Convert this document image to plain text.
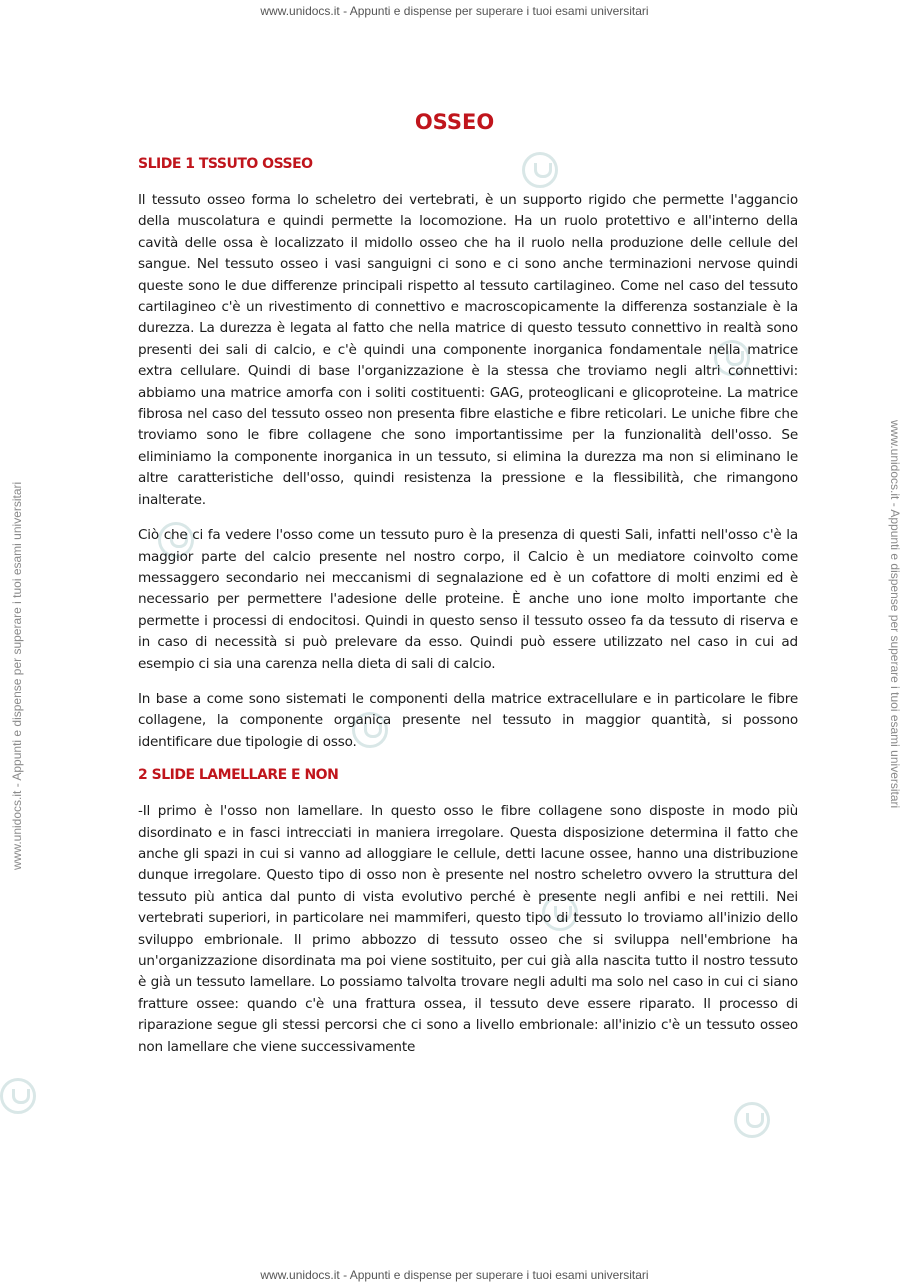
www.unidocs.it - Appunti e dispense per superare i tuoi esami universitari
www.unidocs.it - Appunti e dispense per superare i tuoi esami universitari
www.unidocs.it - Appunti e dispense per superare i tuoi esami universitari	www.unidocs.it - Appunti e dispense per superare i tuoi esami universitari
OSSEO
SLIDE 1 TSSUTO OSSEO

Il tessuto osseo forma lo scheletro dei vertebrati, è un supporto rigido che permette l'aggancio della muscolatura e quindi permette la locomozione. Ha un ruolo protettivo e all'interno della cavità delle ossa è localizzato il midollo osseo che ha il ruolo nella produzione delle cellule del sangue. Nel tessuto osseo i vasi sanguigni ci sono e ci sono anche terminazioni nervose quindi queste sono le due differenze principali rispetto al tessuto cartilagineo. Come nel caso del tessuto cartilagineo c'è un rivestimento di connettivo e macroscopicamente la differenza sostanziale è la durezza. La durezza è legata al fatto che nella matrice di questo tessuto connettivo in realtà sono presenti dei sali di calcio, e c'è quindi una componente inorganica fondamentale nella matrice extra cellulare. Quindi di base l'organizzazione è la stessa che troviamo negli altri connettivi: abbiamo una matrice amorfa con i soliti costituenti: GAG, proteoglicani e glicoproteine. La matrice fibrosa nel caso del tessuto osseo non presenta fibre elastiche e fibre reticolari. Le uniche fibre che troviamo sono le fibre collagene che sono importantissime per la funzionalità dell'osso. Se eliminiamo la componente inorganica in un tessuto, si elimina la durezza ma non si eliminano le altre caratteristiche dell'osso, quindi resistenza la pressione e la flessibilità, che rimangono inalterate.

Ciò che ci fa vedere l'osso come un tessuto puro è la presenza di questi Sali, infatti nell'osso c'è la maggior parte del calcio presente nel nostro corpo, il Calcio è un mediatore coinvolto come messaggero secondario nei meccanismi di segnalazione ed è un cofattore di molti enzimi ed è necessario per permettere l'adesione delle proteine. È anche uno ione molto importante che permette i processi di endocitosi. Quindi in questo senso il tessuto osseo fa da tessuto di riserva e in caso di necessità si può prelevare da esso. Quindi può essere utilizzato nel caso in cui ad esempio ci sia una carenza nella dieta di sali di calcio.

In base a come sono sistemati le componenti della matrice extracellulare e in particolare le fibre collagene, la componente organica presente nel tessuto in maggior quantità, si possono identificare due tipologie di osso.

2 SLIDE LAMELLARE E NON

-Il primo è l'osso non lamellare. In questo osso le fibre collagene sono disposte in modo più disordinato e in fasci intrecciati in maniera irregolare. Questa disposizione determina il fatto che anche gli spazi in cui si vanno ad alloggiare le cellule, detti lacune ossee, hanno una distribuzione dunque irregolare. Questo tipo di osso non è presente nel nostro scheletro ovvero la struttura del tessuto più antica dal punto di vista evolutivo perché è presente negli anfibi e nei rettili. Nei vertebrati superiori, in particolare nei mammiferi, questo tipo di tessuto lo troviamo all'inizio dello sviluppo embrionale. Il primo abbozzo di tessuto osseo che si sviluppa nell'embrione ha un'organizzazione disordinata ma poi viene sostituito, per cui già alla nascita tutto il nostro tessuto è già un tessuto lamellare. Lo possiamo talvolta trovare negli adulti ma solo nel caso in cui ci siano fratture ossee: quando c'è una frattura ossea, il tessuto deve essere riparato. Il processo di riparazione segue gli stessi percorsi che ci sono a livello embrionale: all'inizio c'è un tessuto osseo non lamellare che viene successivamente
